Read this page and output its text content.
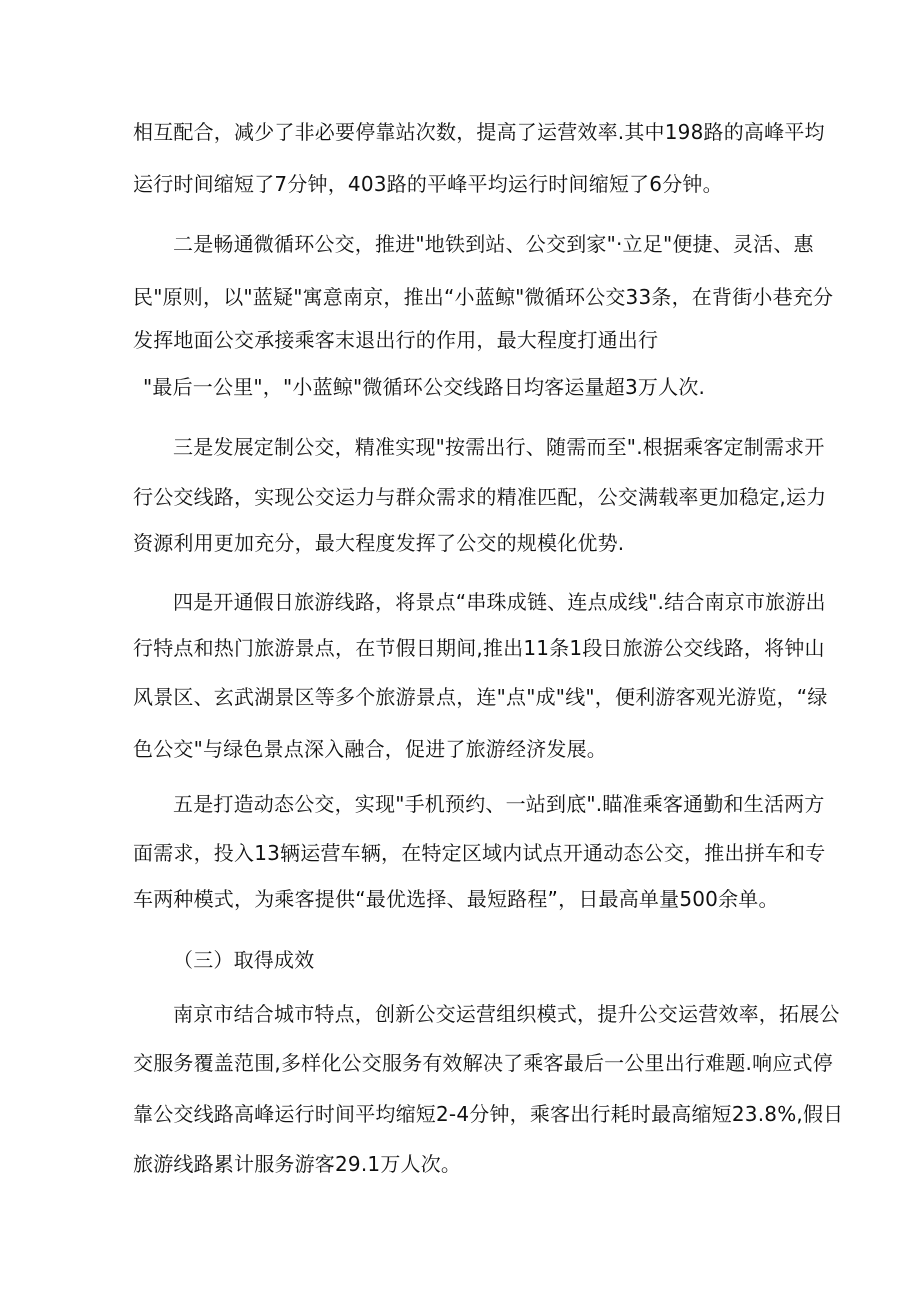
相互配合，减少了非必要停靠站次数，提高了运营效率.其中198路的高峰平均
运行时间缩短了7分钟，403路的平峰平均运行时间缩短了6分钟。
二是畅通微循环公交，推进"地铁到站、公交到家"·立足"便捷、灵活、惠
民"原则，以"蓝疑"寓意南京，推出“小蓝鲸"微循环公交33条，在背街小巷充分
发挥地面公交承接乘客末退出行的作用，最大程度打通出行
"最后一公里"，"小蓝鲸"微循环公交线路日均客运量超3万人次.
三是发展定制公交，精准实现"按需出行、随需而至".根据乘客定制需求开
行公交线路，实现公交运力与群众需求的精准匹配，公交满载率更加稳定,运力
资源利用更加充分，最大程度发挥了公交的规模化优势.
四是开通假日旅游线路，将景点“串珠成链、连点成线".结合南京市旅游出
行特点和热门旅游景点，在节假日期间,推出11条1段日旅游公交线路，将钟山
风景区、玄武湖景区等多个旅游景点，连"点"成"线"，便利游客观光游览，“绿
色公交"与绿色景点深入融合，促进了旅游经济发展。
五是打造动态公交，实现"手机预约、一站到底".瞄准乘客通勤和生活两方
面需求，投入13辆运营车辆，在特定区域内试点开通动态公交，推出拼车和专
车两种模式，为乘客提供“最优选择、最短路程”，日最高单量500余单。
（三）取得成效
南京市结合城市特点，创新公交运营组织模式，提升公交运营效率，拓展公
交服务覆盖范围,多样化公交服务有效解决了乘客最后一公里出行难题.响应式停
靠公交线路高峰运行时间平均缩短2-4分钟，乘客出行耗时最高缩短23.8%,假日
旅游线路累计服务游客29.1万人次。
